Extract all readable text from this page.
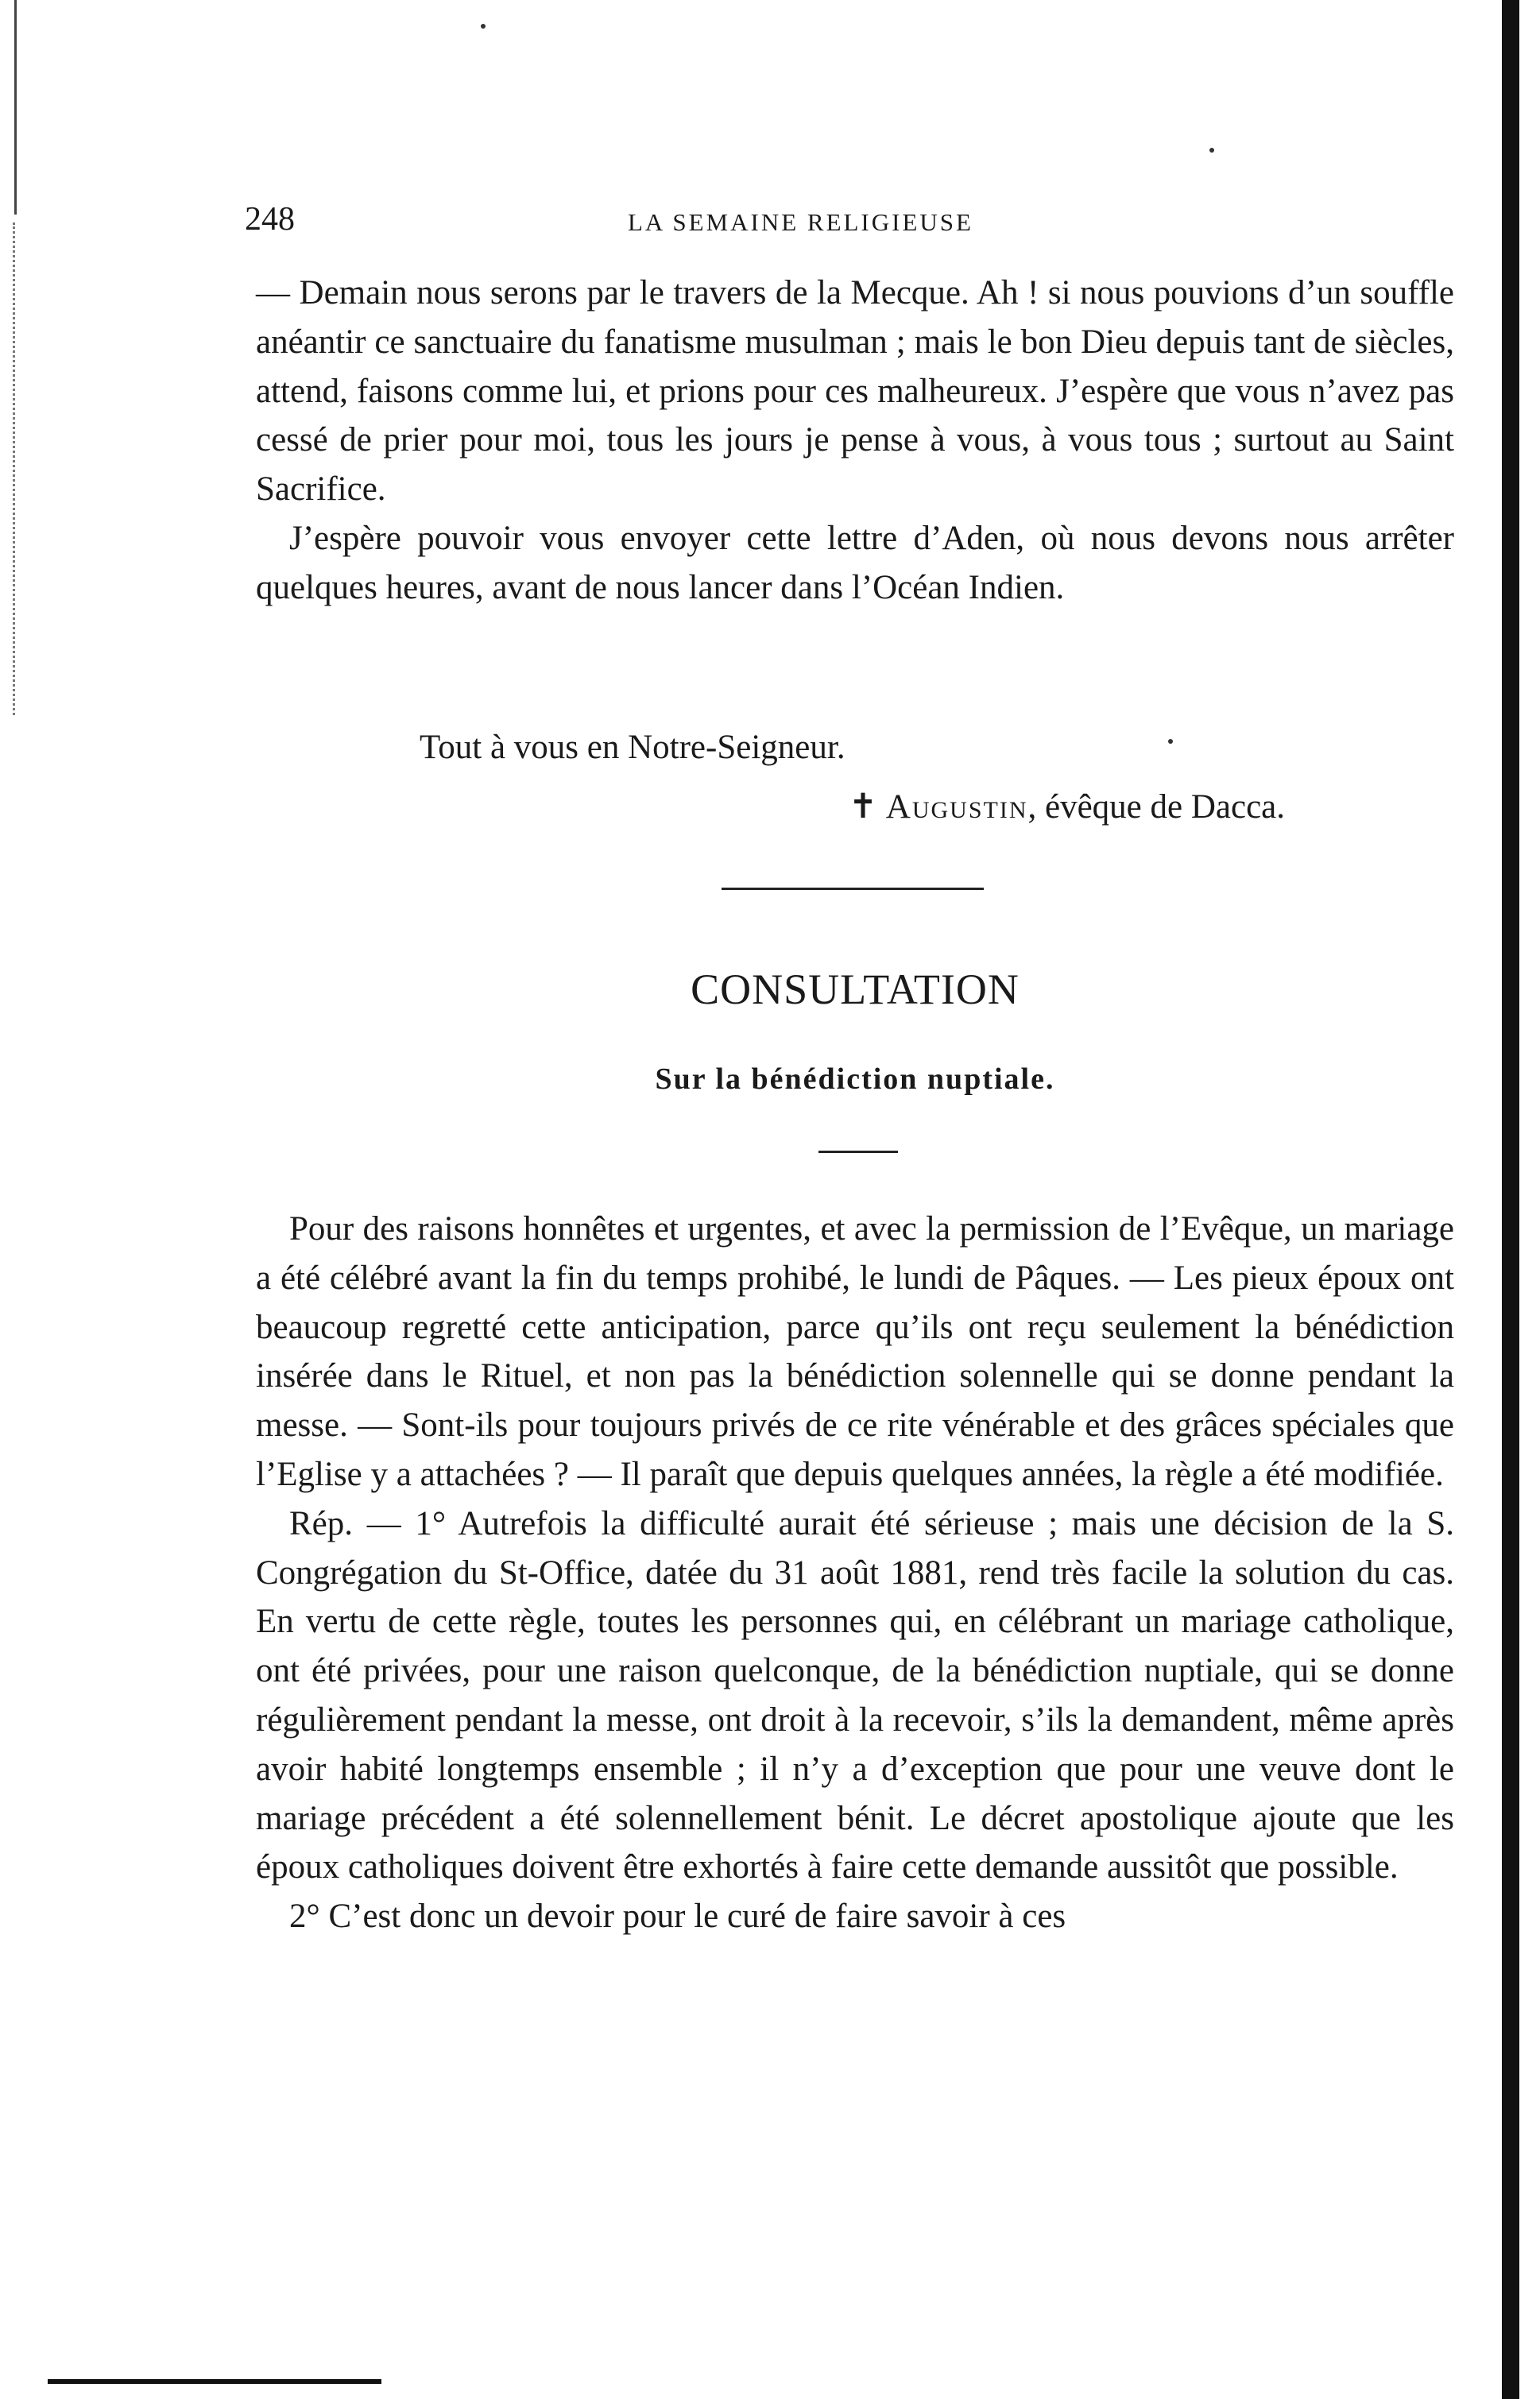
248	LA SEMAINE RELIGIEUSE
— Demain nous serons par le travers de la Mecque. Ah ! si nous pouvions d’un souffle anéantir ce sanctuaire du fanatisme musulman ; mais le bon Dieu depuis tant de siècles, attend, faisons comme lui, et prions pour ces malheureux. J’espère que vous n’avez pas cessé de prier pour moi, tous les jours je pense à vous, à vous tous ; surtout au Saint Sacrifice.
J’espère pouvoir vous envoyer cette lettre d’Aden, où nous devons nous arrêter quelques heures, avant de nous lancer dans l’Océan Indien.
Tout à vous en Notre-Seigneur.
✝ Augustin, évêque de Dacca.
CONSULTATION
Sur la bénédiction nuptiale.
Pour des raisons honnêtes et urgentes, et avec la permission de l’Evêque, un mariage a été célébré avant la fin du temps prohibé, le lundi de Pâques. — Les pieux époux ont beaucoup regretté cette anticipation, parce qu’ils ont reçu seulement la bénédiction insérée dans le Rituel, et non pas la bénédiction solennelle qui se donne pendant la messe. — Sont-ils pour toujours privés de ce rite vénérable et des grâces spéciales que l’Eglise y a attachées ? — Il paraît que depuis quelques années, la règle a été modifiée.
Rép. — 1° Autrefois la difficulté aurait été sérieuse ; mais une décision de la S. Congrégation du St-Office, datée du 31 août 1881, rend très facile la solution du cas. En vertu de cette règle, toutes les personnes qui, en célébrant un mariage catholique, ont été privées, pour une raison quelconque, de la bénédiction nuptiale, qui se donne régulièrement pendant la messe, ont droit à la recevoir, s’ils la demandent, même après avoir habité longtemps ensemble ; il n’y a d’exception que pour une veuve dont le mariage précédent a été solennellement bénit. Le décret apostolique ajoute que les époux catholiques doivent être exhortés à faire cette demande aussitôt que possible.
2° C’est donc un devoir pour le curé de faire savoir à ces
